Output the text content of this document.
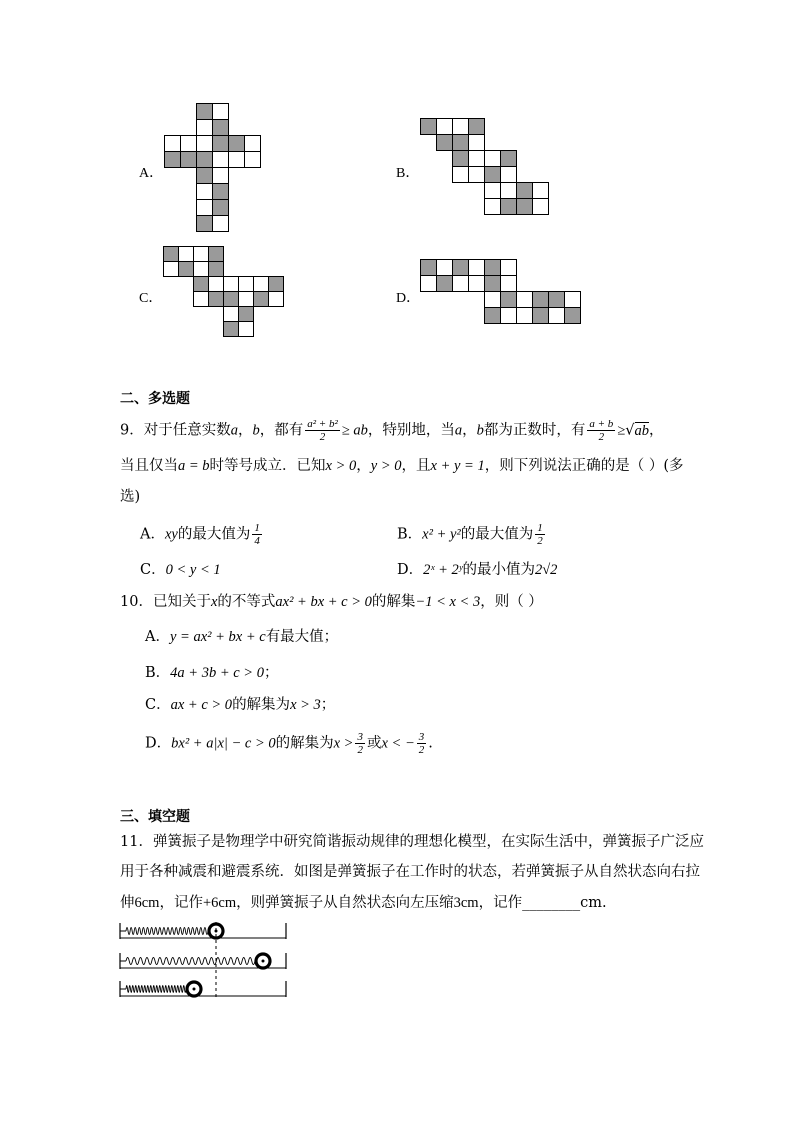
A．	B．
C．	D．
二、多选题
9．对于任意实数a，b，都有 $\frac{\text{a² + b²}}{2}$ ≥ ab，特别地，当a，b都为正数时，有 $\frac{a + b}{2} \ge√ab$，
当且仅当a = b时等号成立．已知x > 0，y > 0，且x + y = 1，则下列说法正确的是（ ）(多
选)
A．xy的最大值为 $\frac{1}{4}$	B．x² + y²的最大值为 $\frac{1}{2}$
C．0 < y < 1	D．2ˣ + 2ʸ的最小值为2√2
10．已知关于x的不等式ax² + bx + c > 0的解集−1 < x < 3，则（ ）
A．y = ax² + bx + c有最大值；
B．4a + 3b + c > 0；
C．ax + c > 0的解集为x > 3；
D．bx² + a|x| − c > 0的解集为$x > \frac{3}{2}$ 或x < − $\frac{3}{2}$ .
三、填空题
11．弹簧振子是物理学中研究简谐振动规律的理想化模型，在实际生活中，弹簧振子广泛应
用于各种减震和避震系统．如图是弹簧振子在工作时的状态，若弹簧振子从自然状态向右拉
伸6cm，记作+6cm，则弹簧振子从自然状态向左压缩3cm，记作________cm.
